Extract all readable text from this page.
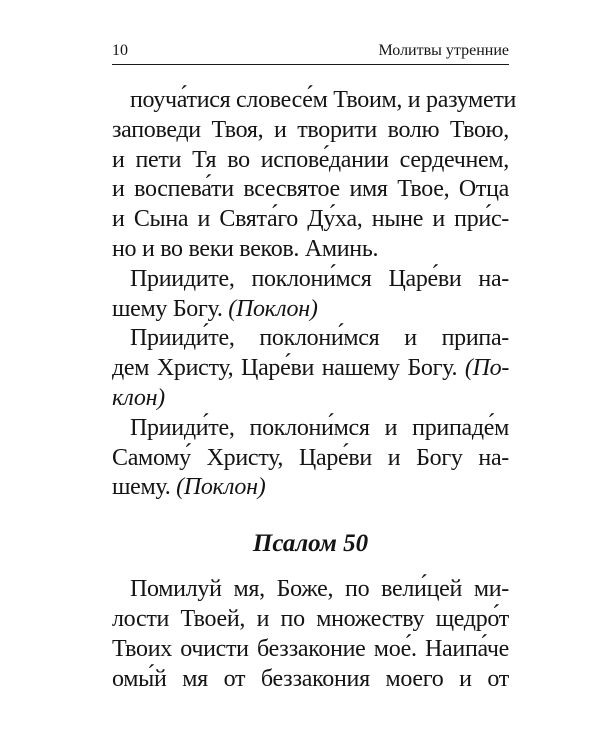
10	Молитвы утренние
поуча́тися словесе́м Твоим, и разумети
заповеди Твоя, и творити волю Твою,
и пети Тя во испове́дании сердечнем,
и воспева́ти всесвятое имя Твое, Отца
и Сына и Свята́го Ду́ха, ныне и при́с-
но и во веки веков. Аминь.
Приидите, поклони́мся Царе́ви на-
шему Богу. (Поклон)
Прииди́те, поклони́мся и припа-
дем Христу, Царе́ви нашему Богу. (По-
клон)
Прииди́те, поклони́мся и припаде́м
Самому́ Христу, Царе́ви и Богу на-
шему. (Поклон)
Псалом 50
Помилуй мя, Боже, по вели́цей ми-
лости Твоей, и по множеству щедро́т
Твоих очисти беззаконие мое́. Наипа́че
омы́й мя от беззакония моего и от
